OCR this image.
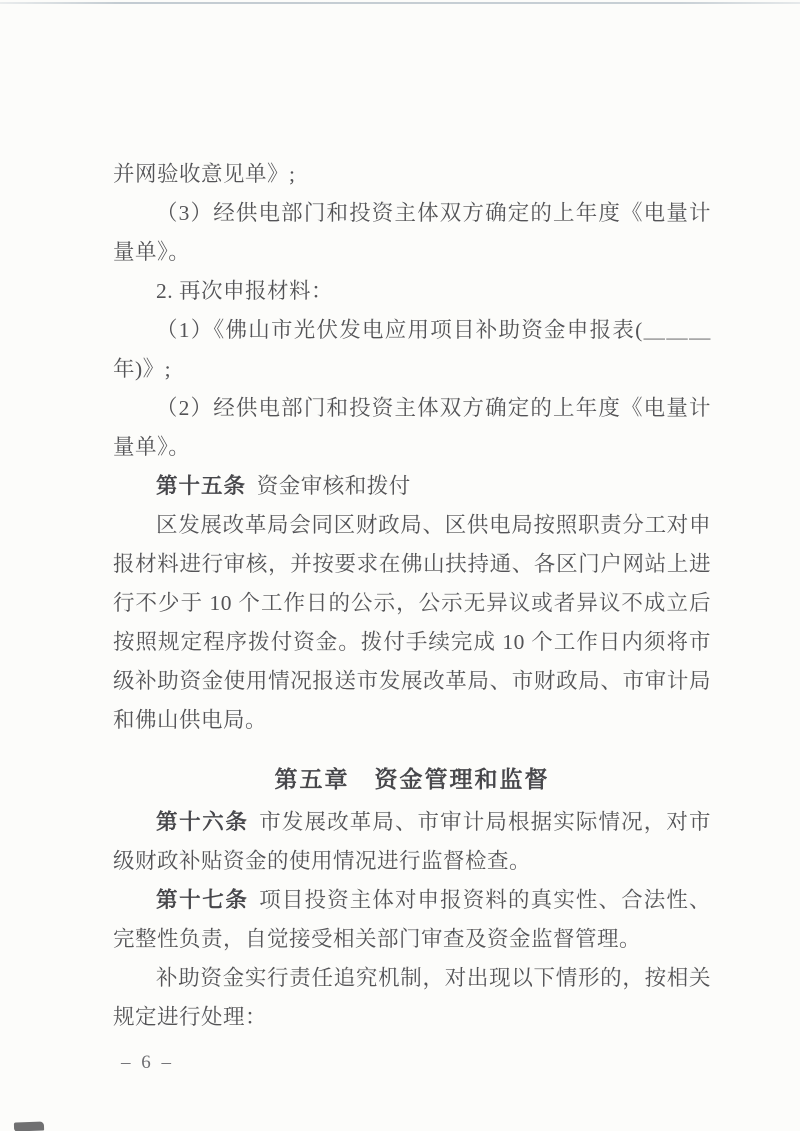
并网验收意见单》;

（3）经供电部门和投资主体双方确定的上年度《电量计量单》。

2. 再次申报材料：

（1）《佛山市光伏发电应用项目补助资金申报表(＿＿＿年)》;

（2）经供电部门和投资主体双方确定的上年度《电量计量单》。

第十五条 资金审核和拨付

区发展改革局会同区财政局、区供电局按照职责分工对申报材料进行审核，并按要求在佛山扶持通、各区门户网站上进行不少于 10 个工作日的公示，公示无异议或者异议不成立后按照规定程序拨付资金。拨付手续完成 10 个工作日内须将市级补助资金使用情况报送市发展改革局、市财政局、市审计局和佛山供电局。

第五章　资金管理和监督

第十六条 市发展改革局、市审计局根据实际情况，对市级财政补贴资金的使用情况进行监督检查。

第十七条 项目投资主体对申报资料的真实性、合法性、完整性负责，自觉接受相关部门审查及资金监督管理。

补助资金实行责任追究机制，对出现以下情形的，按相关规定进行处理：

– 6 –
